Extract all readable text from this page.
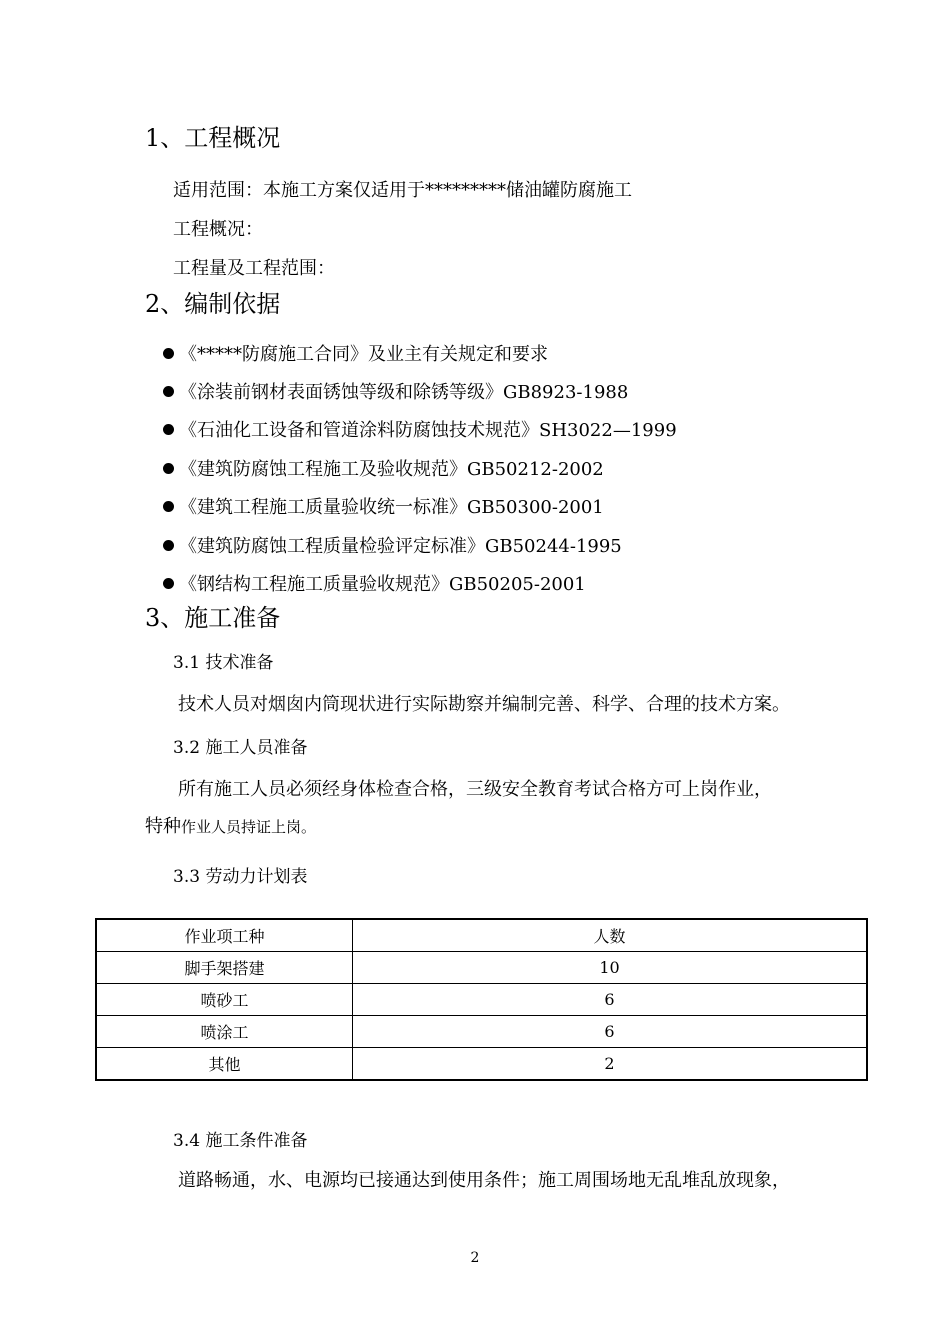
1、工程概况
适用范围：本施工方案仅适用于*********储油罐防腐施工
工程概况：
工程量及工程范围：
2、编制依据
《*****防腐施工合同》及业主有关规定和要求
《涂装前钢材表面锈蚀等级和除锈等级》GB8923-1988
《石油化工设备和管道涂料防腐蚀技术规范》SH3022—1999
《建筑防腐蚀工程施工及验收规范》GB50212-2002
《建筑工程施工质量验收统一标准》GB50300-2001
《建筑防腐蚀工程质量检验评定标准》GB50244-1995
《钢结构工程施工质量验收规范》GB50205-2001
3、施工准备
3.1 技术准备
技术人员对烟囱内筒现状进行实际勘察并编制完善、科学、合理的技术方案。
3.2 施工人员准备
所有施工人员必须经身体检查合格，三级安全教育考试合格方可上岗作业，
特种作业人员持证上岗。
3.3 劳动力计划表
作业项工种	人数
脚手架搭建	10
喷砂工	6
喷涂工	6
其他	2
3.4 施工条件准备
道路畅通，水、电源均已接通达到使用条件；施工周围场地无乱堆乱放现象，
2
